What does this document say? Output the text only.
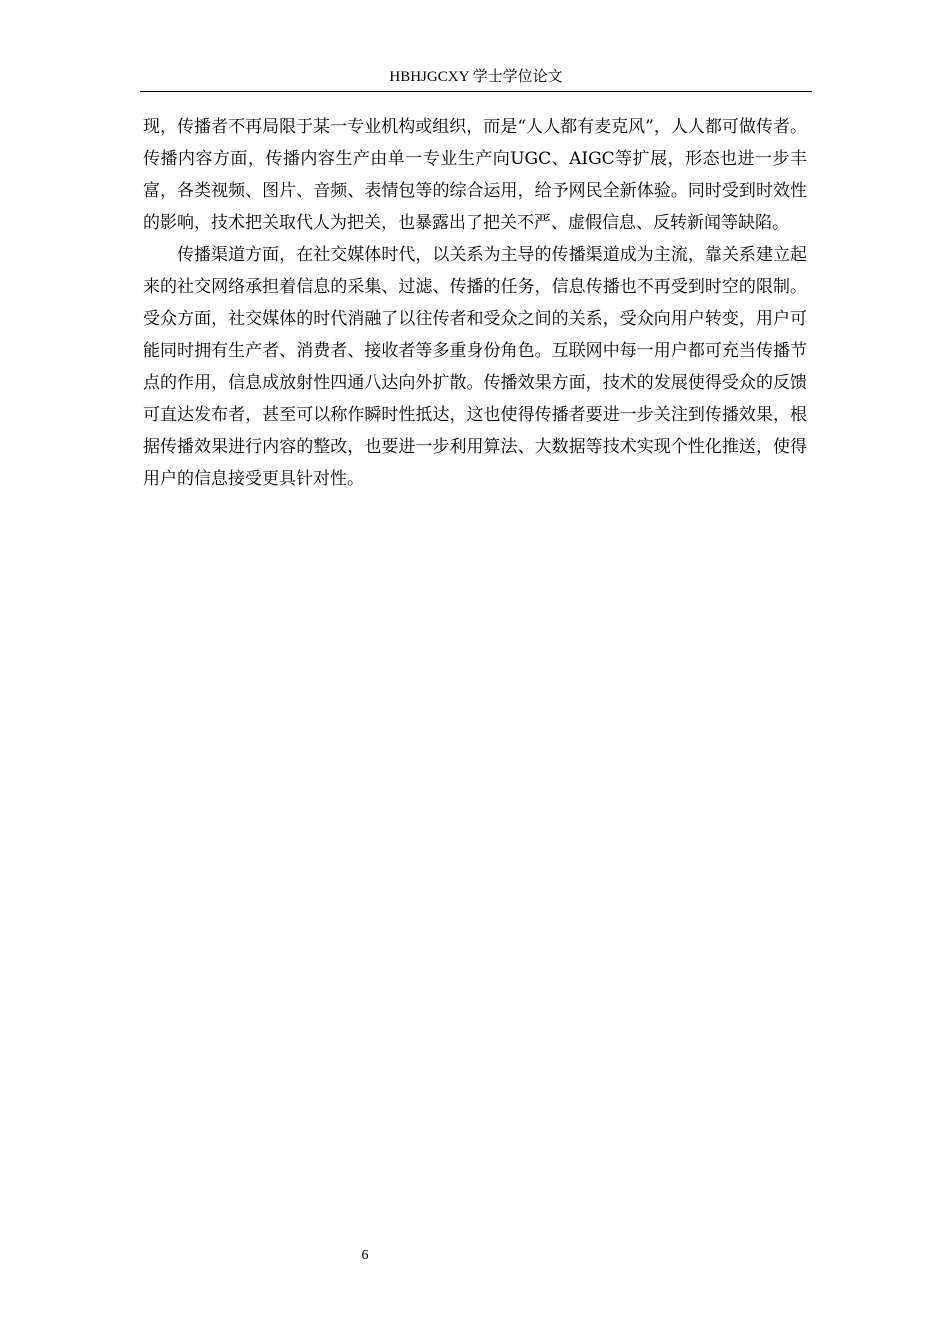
HBHJGCXY 学士学位论文

现，传播者不再局限于某一专业机构或组织，而是“人人都有麦克风”，人人都可做传者。传播内容方面，传播内容生产由单一专业生产向UGC、AIGC等扩展，形态也进一步丰富，各类视频、图片、音频、表情包等的综合运用，给予网民全新体验。同时受到时效性的影响，技术把关取代人为把关，也暴露出了把关不严、虚假信息、反转新闻等缺陷。

传播渠道方面，在社交媒体时代，以关系为主导的传播渠道成为主流，靠关系建立起来的社交网络承担着信息的采集、过滤、传播的任务，信息传播也不再受到时空的限制。受众方面，社交媒体的时代消融了以往传者和受众之间的关系，受众向用户转变，用户可能同时拥有生产者、消费者、接收者等多重身份角色。互联网中每一用户都可充当传播节点的作用，信息成放射性四通八达向外扩散。传播效果方面，技术的发展使得受众的反馈可直达发布者，甚至可以称作瞬时性抵达，这也使得传播者要进一步关注到传播效果，根据传播效果进行内容的整改，也要进一步利用算法、大数据等技术实现个性化推送，使得用户的信息接受更具针对性。

6
